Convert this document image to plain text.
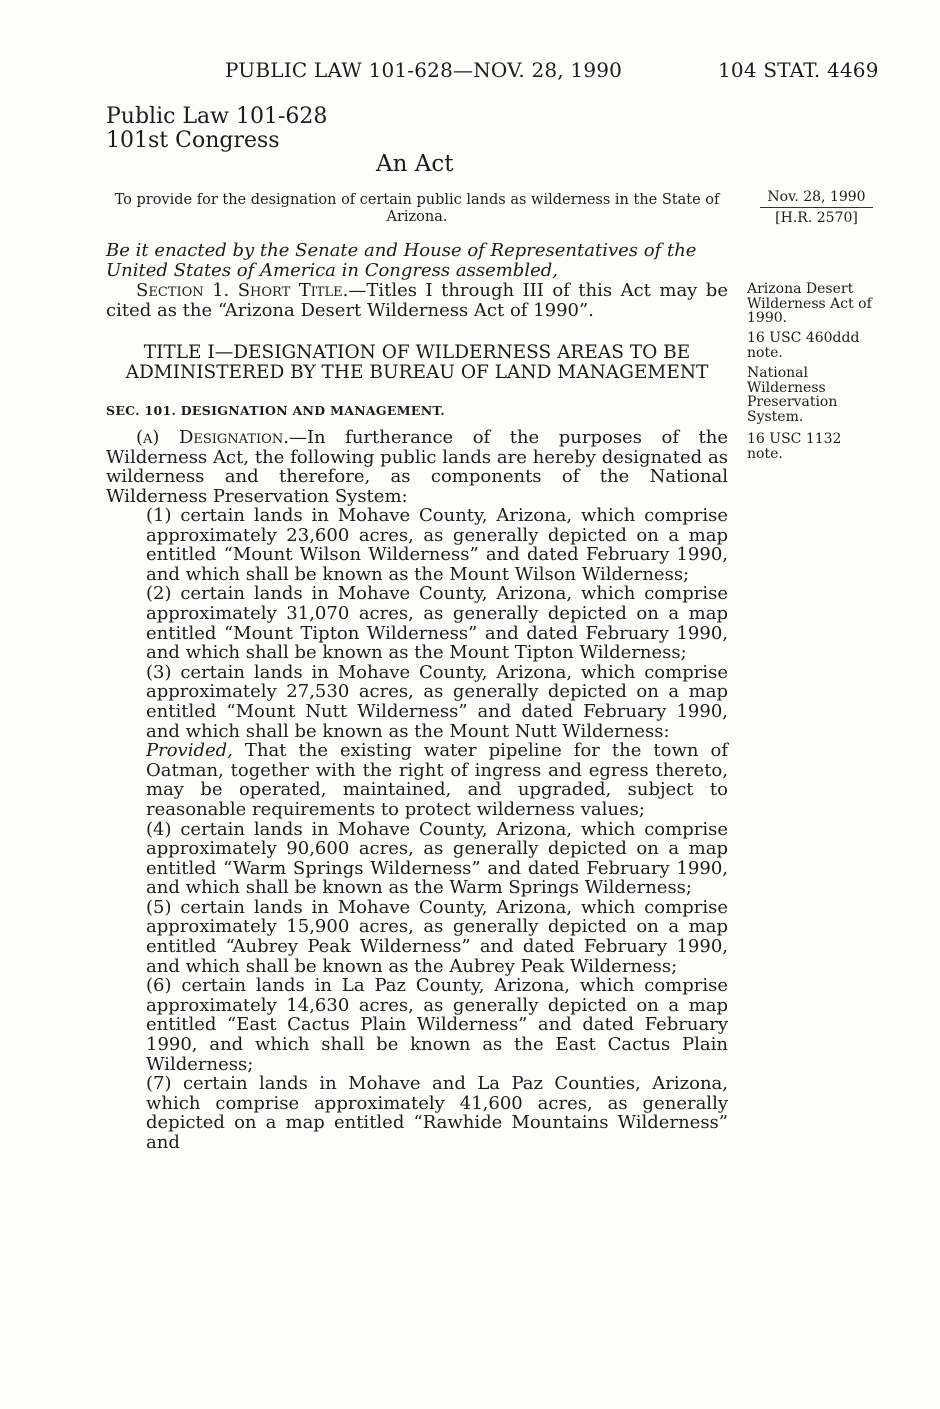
PUBLIC LAW 101-628—NOV. 28, 1990	104 STAT. 4469

Public Law 101-628

101st Congress

An Act

To provide for the designation of certain public lands as wilderness in the State of Arizona.

Nov. 28, 1990

[H.R. 2570]

Arizona Desert Wilderness Act of 1990.

16 USC 460ddd note.

National Wilderness Preservation System.

16 USC 1132 note.

Be it enacted by the Senate and House of Representatives of the United States of America in Congress assembled,

Section 1. Short Title.—Titles I through III of this Act may be cited as the “Arizona Desert Wilderness Act of 1990”.

TITLE I—DESIGNATION OF WILDERNESS AREAS TO BE

ADMINISTERED BY THE BUREAU OF LAND MANAGEMENT

SEC. 101. DESIGNATION AND MANAGEMENT.

(a) Designation.—In furtherance of the purposes of the Wilderness Act, the following public lands are hereby designated as wilderness and therefore, as components of the National Wilderness Preservation System:

(1) certain lands in Mohave County, Arizona, which comprise approximately 23,600 acres, as generally depicted on a map entitled “Mount Wilson Wilderness” and dated February 1990, and which shall be known as the Mount Wilson Wilderness;

(2) certain lands in Mohave County, Arizona, which comprise approximately 31,070 acres, as generally depicted on a map entitled “Mount Tipton Wilderness” and dated February 1990, and which shall be known as the Mount Tipton Wilderness;

(3) certain lands in Mohave County, Arizona, which comprise approximately 27,530 acres, as generally depicted on a map entitled “Mount Nutt Wilderness” and dated February 1990, and which shall be known as the Mount Nutt Wilderness:

Provided, That the existing water pipeline for the town of Oatman, together with the right of ingress and egress thereto, may be operated, maintained, and upgraded, subject to reasonable requirements to protect wilderness values;

(4) certain lands in Mohave County, Arizona, which comprise approximately 90,600 acres, as generally depicted on a map entitled “Warm Springs Wilderness” and dated February 1990, and which shall be known as the Warm Springs Wilderness;

(5) certain lands in Mohave County, Arizona, which comprise approximately 15,900 acres, as generally depicted on a map entitled “Aubrey Peak Wilderness” and dated February 1990, and which shall be known as the Aubrey Peak Wilderness;

(6) certain lands in La Paz County, Arizona, which comprise approximately 14,630 acres, as generally depicted on a map entitled “East Cactus Plain Wilderness” and dated February 1990, and which shall be known as the East Cactus Plain Wilderness;

(7) certain lands in Mohave and La Paz Counties, Arizona, which comprise approximately 41,600 acres, as generally depicted on a map entitled “Rawhide Mountains Wilderness” and
